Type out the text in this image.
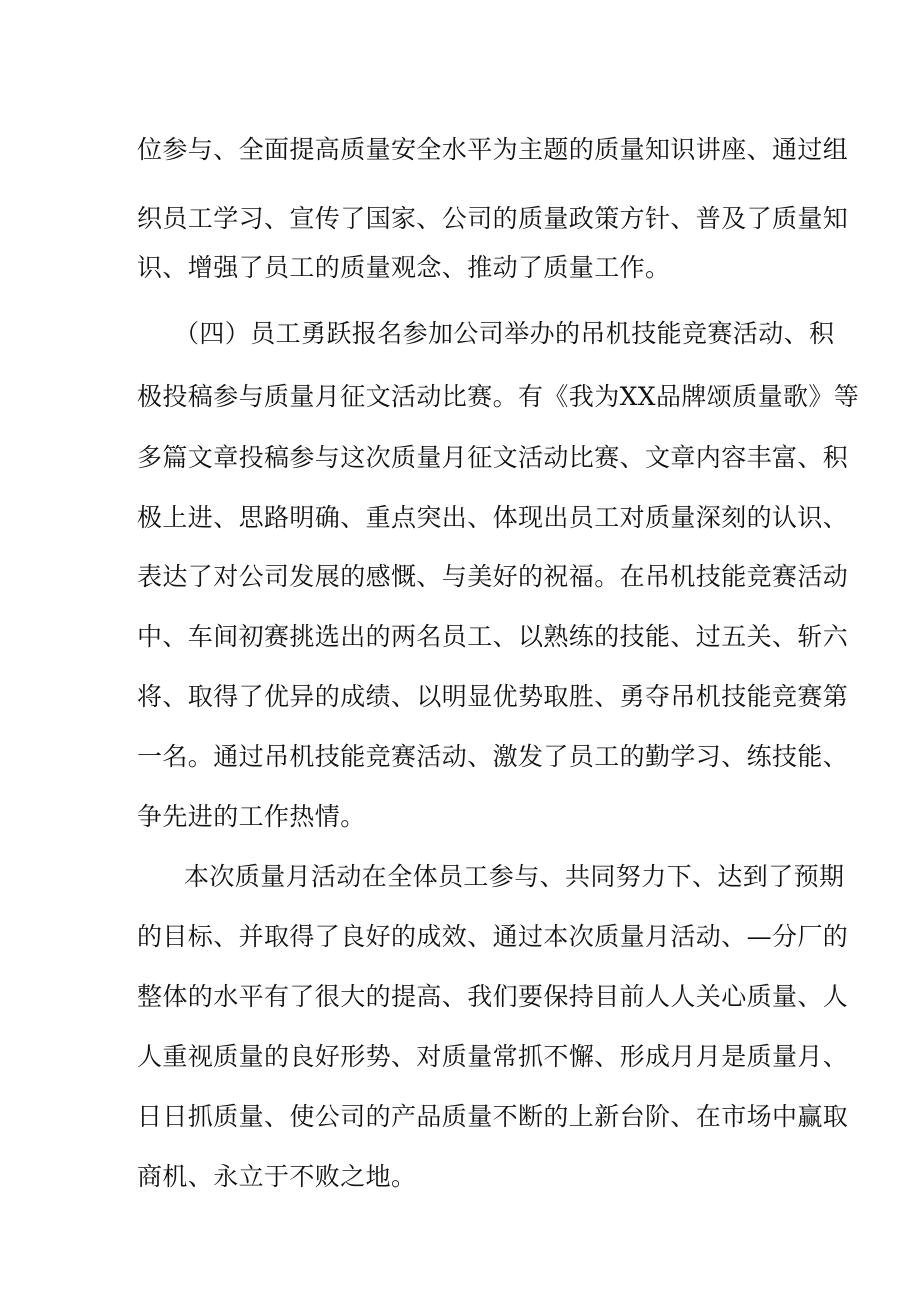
位参与、全面提高质量安全水平为主题的质量知识讲座、通过组
织员工学习、宣传了国家、公司的质量政策方针、普及了质量知
识、增强了员工的质量观念、推动了质量工作。
（四）员工勇跃报名参加公司举办的吊机技能竞赛活动、积
极投稿参与质量月征文活动比赛。有《我为XX品牌颂质量歌》等
多篇文章投稿参与这次质量月征文活动比赛、文章内容丰富、积
极上进、思路明确、重点突出、体现出员工对质量深刻的认识、
表达了对公司发展的感慨、与美好的祝福。在吊机技能竞赛活动
中、车间初赛挑选出的两名员工、以熟练的技能、过五关、斩六
将、取得了优异的成绩、以明显优势取胜、勇夺吊机技能竞赛第
一名。通过吊机技能竞赛活动、激发了员工的勤学习、练技能、
争先进的工作热情。
本次质量月活动在全体员工参与、共同努力下、达到了预期
的目标、并取得了良好的成效、通过本次质量月活动、—分厂的
整体的水平有了很大的提高、我们要保持目前人人关心质量、人
人重视质量的良好形势、对质量常抓不懈、形成月月是质量月、
日日抓质量、使公司的产品质量不断的上新台阶、在市场中赢取
商机、永立于不败之地。
